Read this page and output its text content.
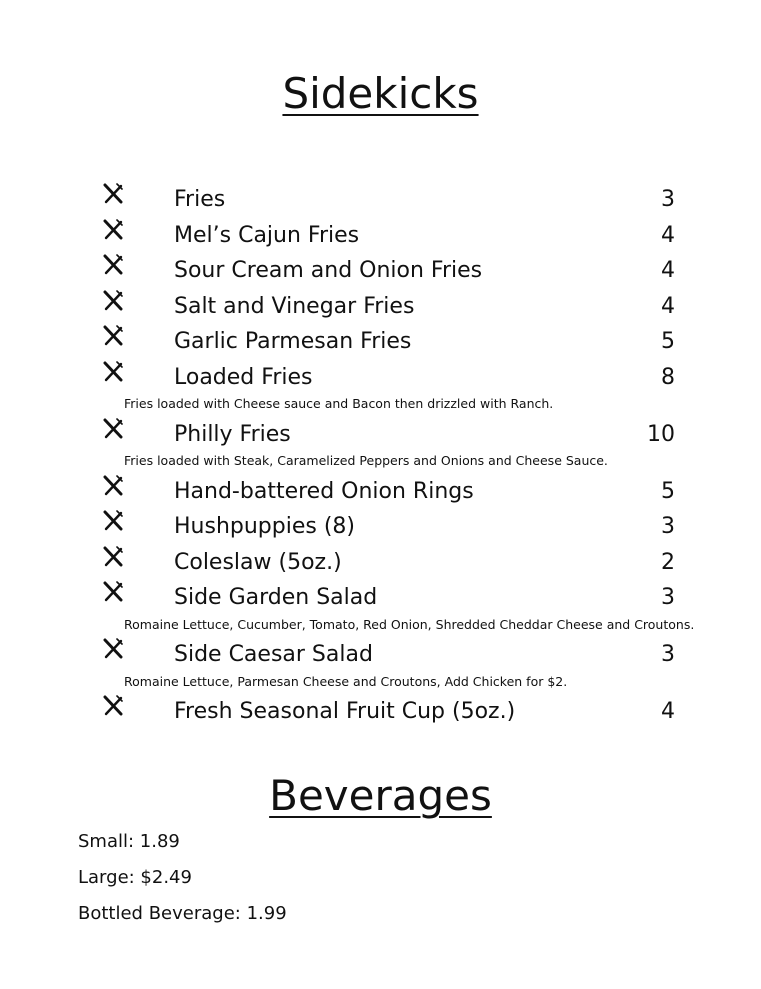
Sidekicks
Fries	3
Mel’s Cajun Fries	4
Sour Cream and Onion Fries	4
Salt and Vinegar Fries	4
Garlic Parmesan Fries	5
Loaded Fries	8
Fries loaded with Cheese sauce and Bacon then drizzled with Ranch.
Philly Fries	10
Fries loaded with Steak, Caramelized Peppers and Onions and Cheese Sauce.
Hand-battered Onion Rings	5
Hushpuppies (8)	3
Coleslaw (5oz.)	2
Side Garden Salad	3
Romaine Lettuce, Cucumber, Tomato, Red Onion, Shredded Cheddar Cheese and Croutons.
Side Caesar Salad	3
Romaine Lettuce, Parmesan Cheese and Croutons, Add Chicken for $2.
Fresh Seasonal Fruit Cup (5oz.)	4
Beverages
Small: 1.89
Large: $2.49
Bottled Beverage: 1.99
